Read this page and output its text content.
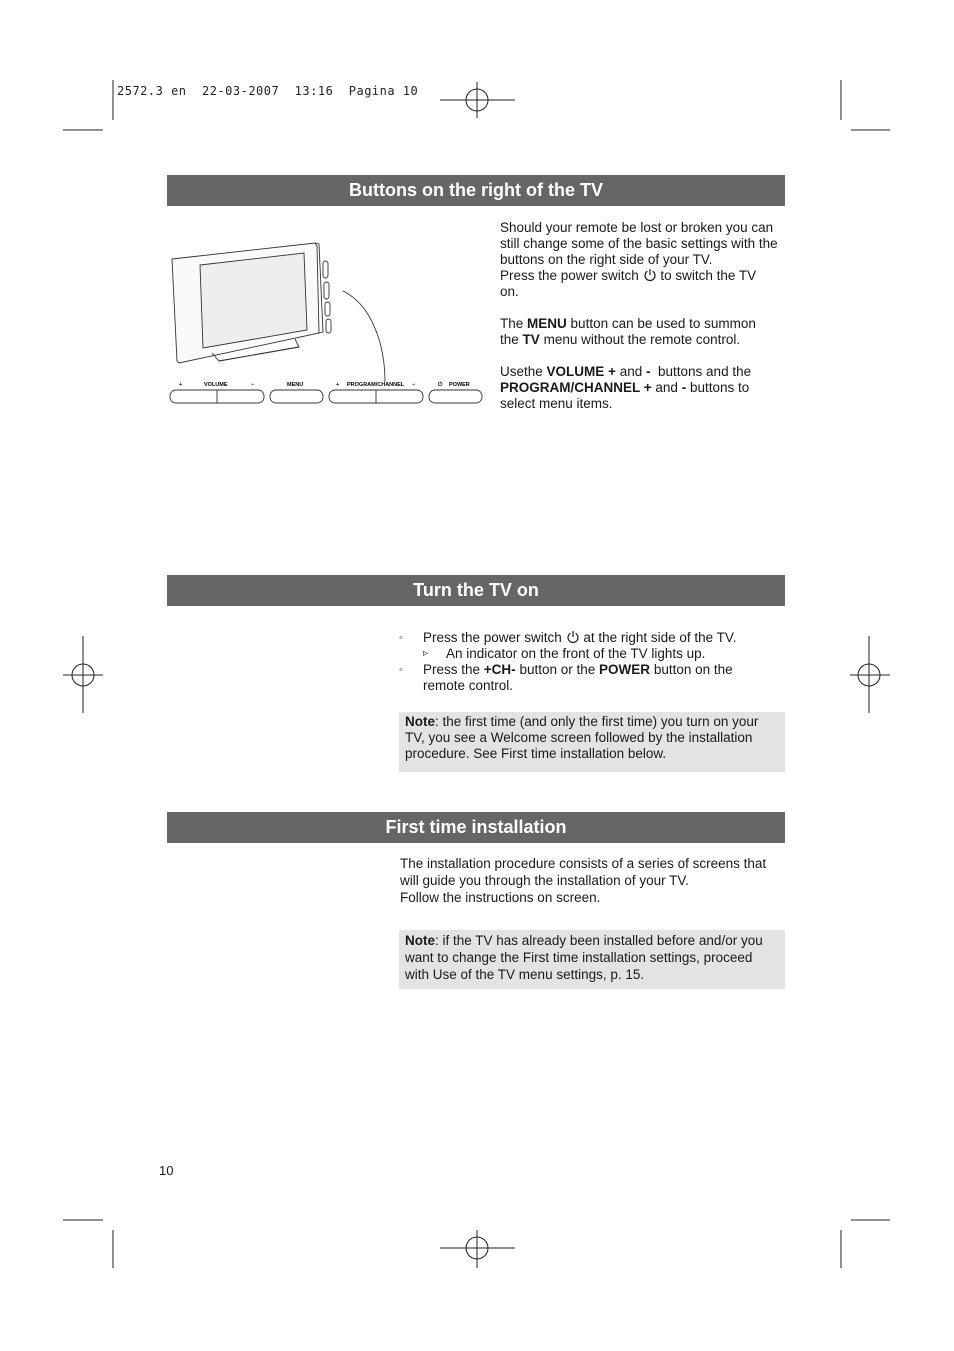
2572.3 en  22-03-2007  13:16  Pagina 10
Buttons on the right of the TV
+	VOLUME	−	MENU	+ PROGRAM/CHANNEL −	⏻ POWER

Should your remote be lost or broken you can

still change some of the basic settings with the

buttons on the right side of your TV.

Press the power switch to switch the TV

on.

The MENU button can be used to summon

the TV menu without the remote control.

Usethe VOLUME + and - buttons and the

PROGRAM/CHANNEL + and - buttons to

select menu items.

Turn the TV on
◦ Press the power switch at the right side of the TV.
▹ An indicator on the front of the TV lights up.
◦ Press the +CH- button or the POWER button on the
remote control.
Note: the first time (and only the first time) you turn on your TV, you see a Welcome screen followed by the installation procedure. See First time installation below.
First time installation

The installation procedure consists of a series of screens that

will guide you through the installation of your TV.

Follow the instructions on screen.

Note: if the TV has already been installed before and/or you want to change the First time installation settings, proceed with Use of the TV menu settings, p. 15.
10
